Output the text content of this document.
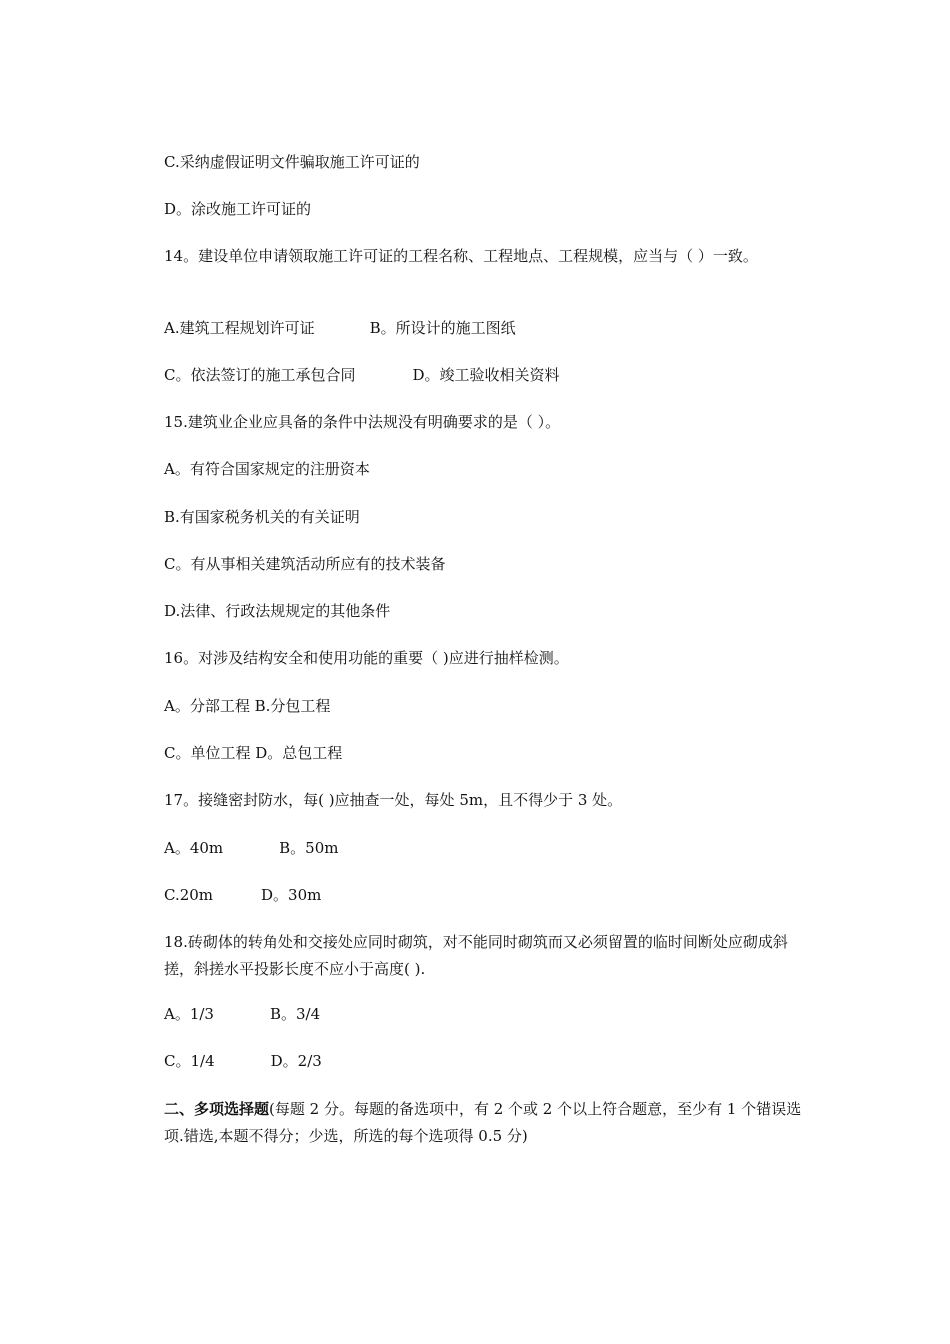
C.采纳虚假证明文件骗取施工许可证的
D。涂改施工许可证的
14。建设单位申请领取施工许可证的工程名称、工程地点、工程规模，应当与（ ）一致。
A.建筑工程规划许可证	B。所设计的施工图纸
C。依法签订的施工承包合同	D。竣工验收相关资料
15.建筑业企业应具备的条件中法规没有明确要求的是（ ）。
A。有符合国家规定的注册资本
B.有国家税务机关的有关证明
C。有从事相关建筑活动所应有的技术装备
D.法律、行政法规规定的其他条件
16。对涉及结构安全和使用功能的重要（ )应进行抽样检测。
A。分部工程 B.分包工程
C。单位工程 D。总包工程
17。接缝密封防水，每( )应抽查一处，每处 5m，且不得少于 3 处。
A。40m	B。50m
C.20m	D。30m
18.砖砌体的转角处和交接处应同时砌筑，对不能同时砌筑而又必须留置的临时间断处应砌成斜搓，斜搓水平投影长度不应小于高度( ).
A。1/3	B。3/4
C。1/4	D。2/3
二、多项选择题(每题 2 分。每题的备选项中，有 2 个或 2 个以上符合题意，至少有 1 个错误选项.错选,本题不得分；少选，所选的每个选项得 0.5 分)
